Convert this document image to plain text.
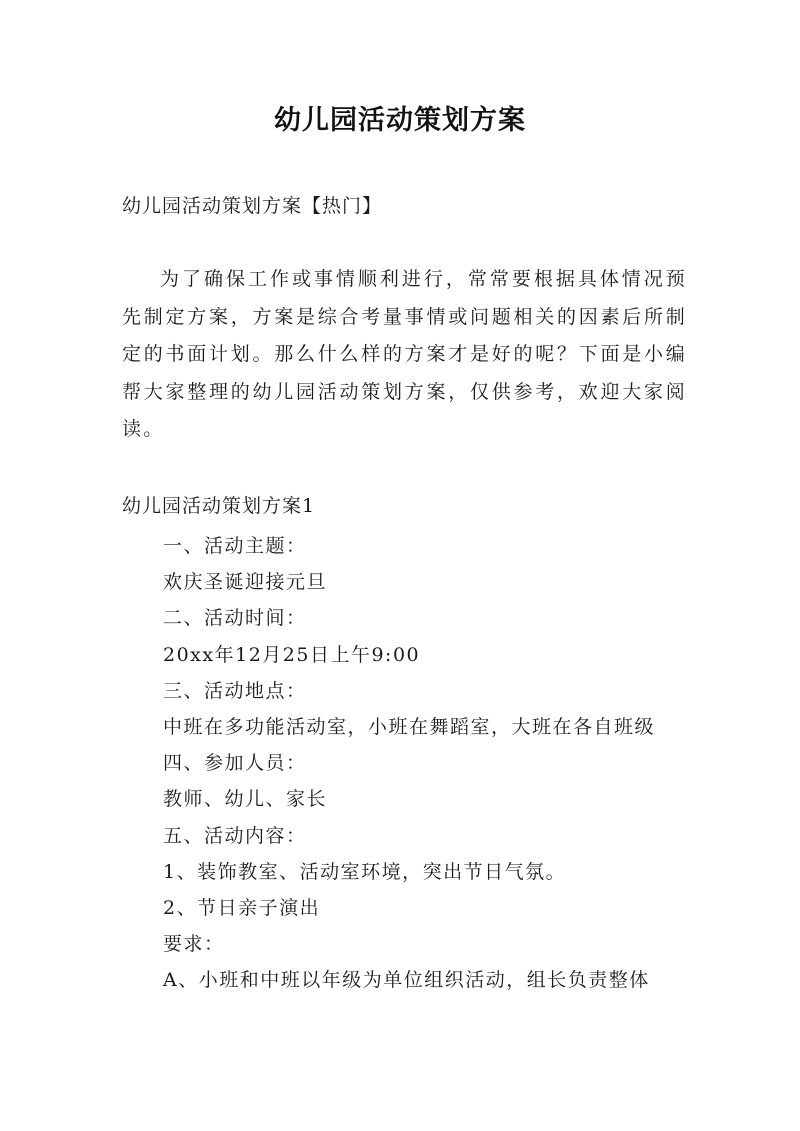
幼儿园活动策划方案
幼儿园活动策划方案【热门】

为了确保工作或事情顺利进行，常常要根据具体情况预先制定方案，方案是综合考量事情或问题相关的因素后所制定的书面计划。那么什么样的方案才是好的呢？下面是小编帮大家整理的幼儿园活动策划方案，仅供参考，欢迎大家阅读。

幼儿园活动策划方案1
一、活动主题：
欢庆圣诞迎接元旦
二、活动时间：
20xx年12月25日上午9:00
三、活动地点：
中班在多功能活动室，小班在舞蹈室，大班在各自班级
四、参加人员：
教师、幼儿、家长
五、活动内容：
1、装饰教室、活动室环境，突出节日气氛。
2、节日亲子演出
要求：
A、小班和中班以年级为单位组织活动，组长负责整体
